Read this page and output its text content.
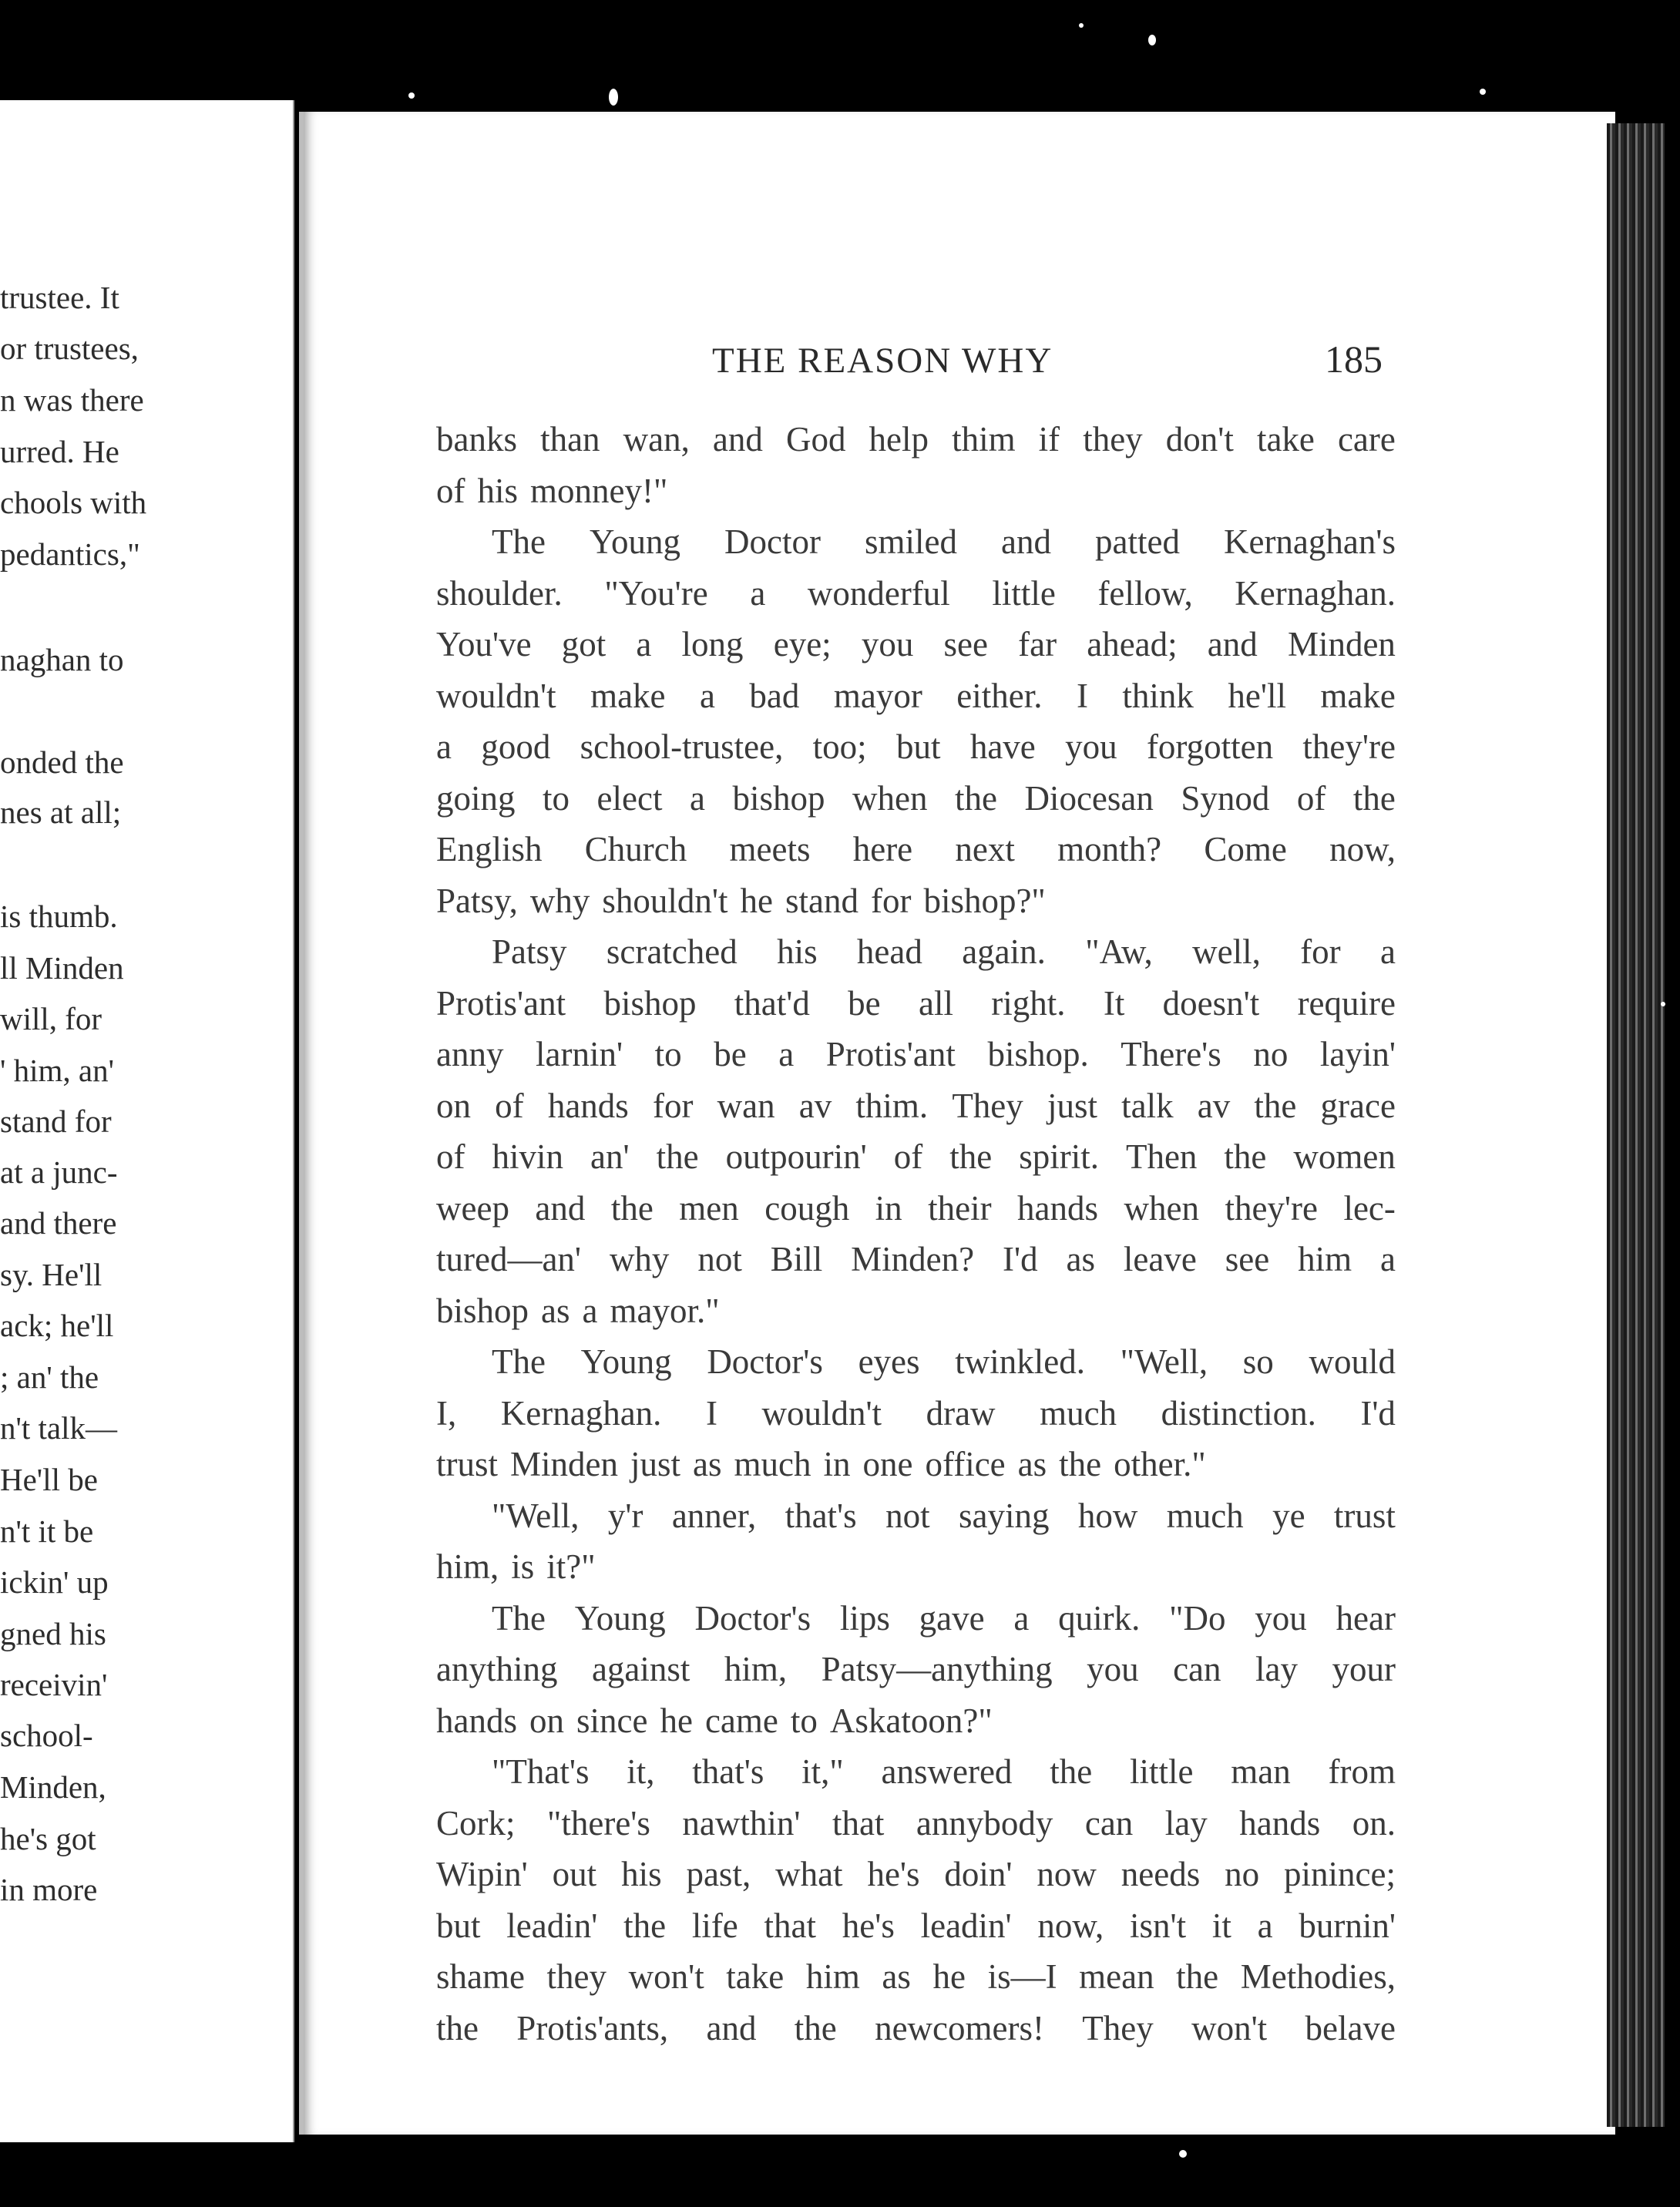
trustee. It
or trustees,
n was there
urred. He
chools with
pedantics,"
naghan to
onded the
nes at all;
is thumb.
ll Minden
will, for
' him, an'
stand for
at a junc-
and there
sy. He'll
ack; he'll
; an' the
n't talk—
He'll be
n't it be
ickin' up
gned his
receivin'
school-
Minden,
he's got
in more
THE REASON WHY	185
banks than wan, and God help thim if they don't take care
of his monney!"
The Young Doctor smiled and patted Kernaghan's
shoulder. "You're a wonderful little fellow, Kernaghan.
You've got a long eye; you see far ahead; and Minden
wouldn't make a bad mayor either. I think he'll make
a good school-trustee, too; but have you forgotten they're
going to elect a bishop when the Diocesan Synod of the
English Church meets here next month? Come now,
Patsy, why shouldn't he stand for bishop?"
Patsy scratched his head again. "Aw, well, for a
Protis'ant bishop that'd be all right. It doesn't require
anny larnin' to be a Protis'ant bishop. There's no layin'
on of hands for wan av thim. They just talk av the grace
of hivin an' the outpourin' of the spirit. Then the women
weep and the men cough in their hands when they're lec-
tured—an' why not Bill Minden? I'd as leave see him a
bishop as a mayor."
The Young Doctor's eyes twinkled. "Well, so would
I, Kernaghan. I wouldn't draw much distinction. I'd
trust Minden just as much in one office as the other."
"Well, y'r anner, that's not saying how much ye trust
him, is it?"
The Young Doctor's lips gave a quirk. "Do you hear
anything against him, Patsy—anything you can lay your
hands on since he came to Askatoon?"
"That's it, that's it," answered the little man from
Cork; "there's nawthin' that annybody can lay hands on.
Wipin' out his past, what he's doin' now needs no pinince;
but leadin' the life that he's leadin' now, isn't it a burnin'
shame they won't take him as he is—I mean the Methodies,
the Protis'ants, and the newcomers! They won't belave
